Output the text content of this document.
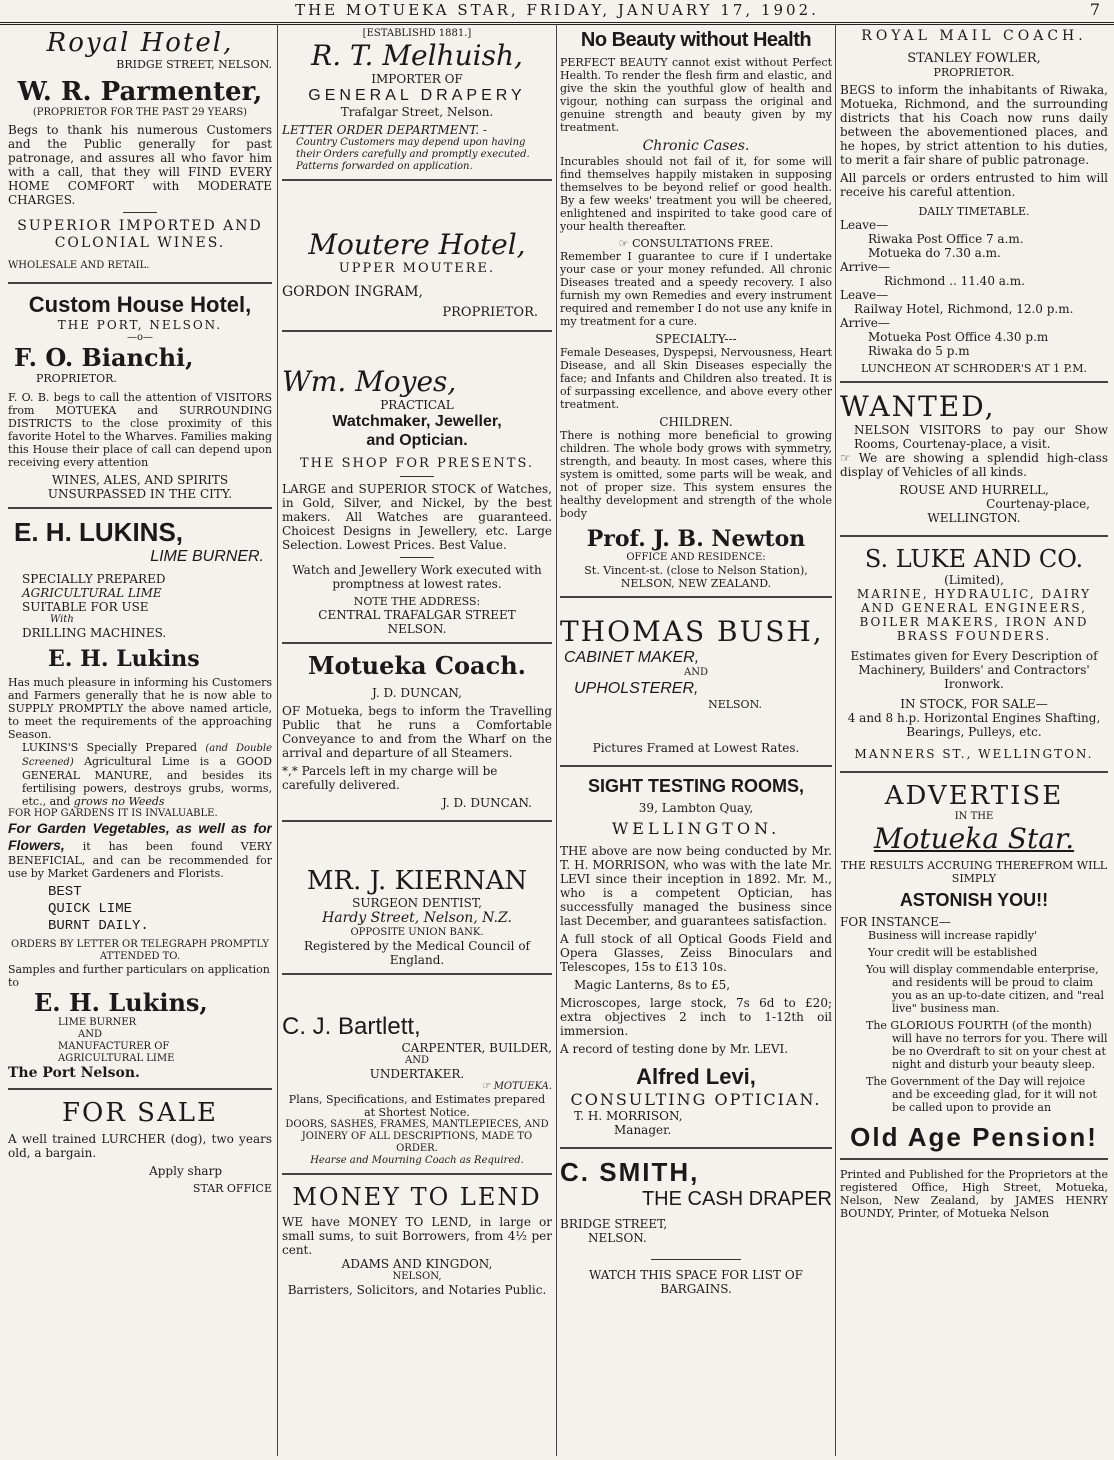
THE MOTUEKA STAR, FRIDAY, JANUARY 17, 1902.	7

Royal Hotel,

BRIDGE STREET, NELSON.

W. R. Parmenter,

(PROPRIETOR FOR THE PAST 29 YEARS)

Begs to thank his numerous Customers and the Public generally for past patronage, and assures all who favor him with a call, that they will FIND EVERY HOME COMFORT with MODERATE CHARGES.

SUPERIOR IMPORTED AND COLONIAL WINES.

WHOLESALE AND RETAIL.

Custom House Hotel,

THE PORT, NELSON.

—o—

F. O. Bianchi,

PROPRIETOR.

F. O. B. begs to call the attention of VISITORS from MOTUEKA and SURROUNDING DISTRICTS to the close proximity of this favorite Hotel to the Wharves. Families making this House their place of call can depend upon receiving every attention

WINES, ALES, AND SPIRITS UNSURPASSED IN THE CITY.

E. H. LUKINS,

LIME BURNER.

SPECIALLY PREPARED

AGRICULTURAL LIME

SUITABLE FOR USE

With

DRILLING MACHINES.

E. H. Lukins

Has much pleasure in informing his Customers and Farmers generally that he is now able to SUPPLY PROMPTLY the above named article, to meet the requirements of the approaching Season.

LUKINS'S Specially Prepared (and Double Screened) Agricultural Lime is a GOOD GENERAL MANURE, and besides its fertilising powers, destroys grubs, worms, etc., and grows no Weeds

FOR HOP GARDENS IT IS INVALUABLE.

For Garden Vegetables, as well as for Flowers, it has been found VERY BENEFICIAL, and can be recommended for use by Market Gardeners and Florists.

BEST

QUICK LIME

BURNT DAILY.

ORDERS BY LETTER OR TELEGRAPH PROMPTLY ATTENDED TO.

Samples and further particulars on application to

E. H. Lukins,

LIME BURNER

AND

MANUFACTURER OF

AGRICULTURAL LIME

The Port Nelson.

FOR SALE

A well trained LURCHER (dog), two years old, a bargain.

Apply sharp

STAR OFFICE

[ESTABLISHD 1881.]

R. T. Melhuish,

IMPORTER OF

GENERAL DRAPERY

Trafalgar Street, Nelson.

LETTER ORDER DEPARTMENT. -

Country Customers may depend upon having their Orders carefully and promptly executed. Patterns forwarded on application.

Moutere Hotel,

UPPER MOUTERE.

GORDON INGRAM,

PROPRIETOR.

Wm. Moyes,

PRACTICAL

Watchmaker, Jeweller,

and Optician.

THE SHOP FOR PRESENTS.

LARGE and SUPERIOR STOCK of Watches, in Gold, Silver, and Nickel, by the best makers. All Watches are guaranteed. Choicest Designs in Jewellery, etc. Large Selection. Lowest Prices. Best Value.

Watch and Jewellery Work executed with promptness at lowest rates.

NOTE THE ADDRESS:

CENTRAL TRAFALGAR STREET

NELSON.

Motueka Coach.

J. D. DUNCAN,

OF Motueka, begs to inform the Travelling Public that he runs a Comfortable Conveyance to and from the Wharf on the arrival and departure of all Steamers.

*,* Parcels left in my charge will be carefully delivered.

J. D. DUNCAN.

MR. J. KIERNAN

SURGEON DENTIST,

Hardy Street, Nelson, N.Z.

OPPOSITE UNION BANK.

Registered by the Medical Council of England.

C. J. Bartlett,

CARPENTER, BUILDER,

AND

UNDERTAKER.

☞ MOTUEKA.

Plans, Specifications, and Estimates prepared at Shortest Notice.

DOORS, SASHES, FRAMES, MANTLEPIECES, AND JOINERY OF ALL DESCRIPTIONS, MADE TO ORDER.

Hearse and Mourning Coach as Required.

MONEY TO LEND

WE have MONEY TO LEND, in large or small sums, to suit Borrowers, from 4½ per cent.

ADAMS AND KINGDON,

NELSON,

Barristers, Solicitors, and Notaries Public.

No Beauty without Health

PERFECT BEAUTY cannot exist without Perfect Health. To render the flesh firm and elastic, and give the skin the youthful glow of health and vigour, nothing can surpass the original and genuine strength and beauty given by my treatment.

Chronic Cases.

Incurables should not fail of it, for some will find themselves happily mistaken in supposing themselves to be beyond relief or good health. By a few weeks' treatment you will be cheered, enlightened and inspirited to take good care of your health thereafter.

☞ CONSULTATIONS FREE.

Remember I guarantee to cure if I undertake your case or your money refunded. All chronic Diseases treated and a speedy recovery. I also furnish my own Remedies and every instrument required and remember I do not use any knife in my treatment for a cure.

SPECIALTY---

Female Deseases, Dyspepsi, Nervousness, Heart Disease, and all Skin Diseases especially the face; and Infants and Children also treated. It is of surpassing excellence, and above every other treatment.

CHILDREN.

There is nothing more beneficial to growing children. The whole body grows with symmetry, strength, and beauty. In most cases, where this system is omitted, some parts will be weak, and not of proper size. This system ensures the healthy development and strength of the whole body

Prof. J. B. Newton

OFFICE AND RESIDENCE:

St. Vincent-st. (close to Nelson Station),

NELSON, NEW ZEALAND.

THOMAS BUSH,

CABINET MAKER,

AND

UPHOLSTERER,

NELSON.

Pictures Framed at Lowest Rates.

SIGHT TESTING ROOMS,

39, Lambton Quay,

WELLINGTON.

THE above are now being conducted by Mr. T. H. MORRISON, who was with the late Mr. LEVI since their inception in 1892. Mr. M., who is a competent Optician, has successfully managed the business since last December, and guarantees satisfaction.

A full stock of all Optical Goods Field and Opera Glasses, Zeiss Binoculars and Telescopes, 15s to £13 10s.

Magic Lanterns, 8s to £5,

Microscopes, large stock, 7s 6d to £20; extra objectives 2 inch to 1-12th oil immersion.

A record of testing done by Mr. LEVI.

Alfred Levi,

CONSULTING OPTICIAN.

T. H. MORRISON,

Manager.

C. SMITH,

THE CASH DRAPER

BRIDGE STREET,

NELSON.

WATCH THIS SPACE FOR LIST OF BARGAINS.

ROYAL MAIL COACH.

STANLEY FOWLER,

PROPRIETOR.

BEGS to inform the inhabitants of Riwaka, Motueka, Richmond, and the surrounding districts that his Coach now runs daily between the abovementioned places, and he hopes, by strict attention to his duties, to merit a fair share of public patronage.

All parcels or orders entrusted to him will receive his careful attention.

DAILY TIMETABLE.

Leave—

Riwaka Post Office 7 a.m.

Motueka do 7.30 a.m.

Arrive—

Richmond .. 11.40 a.m.

Leave—

Railway Hotel, Richmond, 12.0 p.m.

Arrive—

Motueka Post Office 4.30 p.m

Riwaka do 5 p.m

LUNCHEON AT SCHRODER'S AT 1 P.M.

WANTED,

NELSON VISITORS to pay our Show Rooms, Courtenay-place, a visit.

☞ We are showing a splendid high-class display of Vehicles of all kinds.

ROUSE AND HURRELL,

Courtenay-place,

WELLINGTON.

S. LUKE AND CO.

(Limited),

MARINE, HYDRAULIC, DAIRY AND GENERAL ENGINEERS, BOILER MAKERS, IRON AND BRASS FOUNDERS.

Estimates given for Every Description of Machinery, Builders' and Contractors' Ironwork.

IN STOCK, FOR SALE—

4 and 8 h.p. Horizontal Engines Shafting, Bearings, Pulleys, etc.

MANNERS ST., WELLINGTON.

ADVERTISE

IN THE

Motueka Star.

THE RESULTS ACCRUING THEREFROM WILL SIMPLY

ASTONISH YOU!!

FOR INSTANCE—

Business will increase rapidly'

Your credit will be established

You will display commendable enterprise, and residents will be proud to claim you as an up-to-date citizen, and "real live" business man.

The GLORIOUS FOURTH (of the month) will have no terrors for you. There will be no Overdraft to sit on your chest at night and disturb your beauty sleep.

The Government of the Day will rejoice and be exceeding glad, for it will not be called upon to provide an

Old Age Pension!

Printed and Published for the Proprietors at the registered Office, High Street, Motueka, Nelson, New Zealand, by JAMES HENRY BOUNDY, Printer, of Motueka Nelson
